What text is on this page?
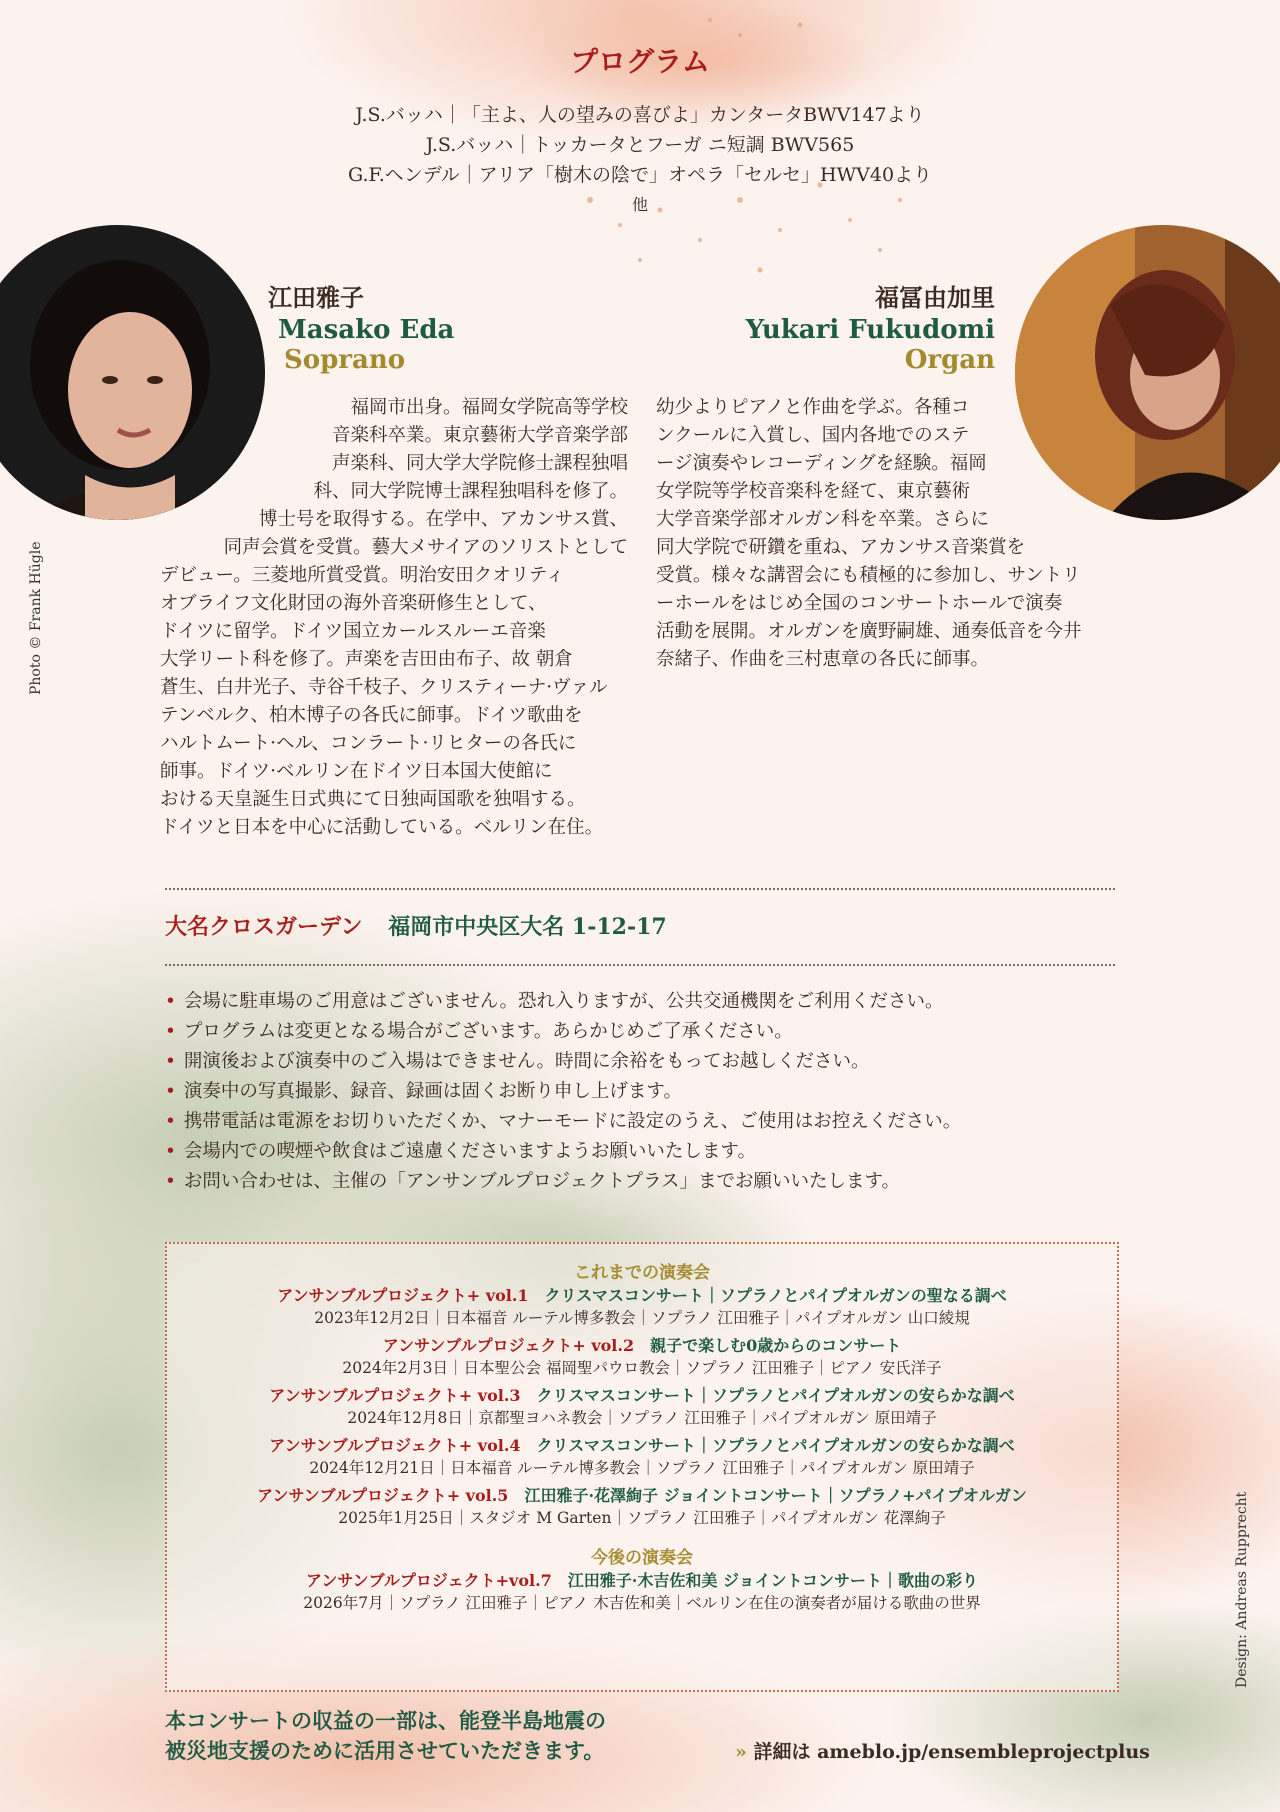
プログラム
J.S.バッハ｜「主よ、人の望みの喜びよ」カンタータBWV147より
J.S.バッハ｜トッカータとフーガ ニ短調 BWV565
G.F.ヘンデル｜アリア「樹木の陰で」オペラ「セルセ」HWV40より
他
江田雅子
Masako Eda
Soprano
福冨由加里
Yukari Fukudomi
Organ
福岡市出身。福岡女学院高等学校
音楽科卒業。東京藝術大学音楽学部
声楽科、同大学大学院修士課程独唱
科、同大学院博士課程独唱科を修了。
博士号を取得する。在学中、アカンサス賞、
同声会賞を受賞。藝大メサイアのソリストとして
デビュー。三菱地所賞受賞。明治安田クオリティ
オブライフ文化財団の海外音楽研修生として、
ドイツに留学。ドイツ国立カールスルーエ音楽
大学リート科を修了。声楽を吉田由布子、故 朝倉
蒼生、白井光子、寺谷千枝子、クリスティーナ·ヴァル
テンベルク、柏木博子の各氏に師事。ドイツ歌曲を
ハルトムート·ヘル、コンラート·リヒターの各氏に
師事。ドイツ·ベルリン在ドイツ日本国大使館に
おける天皇誕生日式典にて日独両国歌を独唱する。
ドイツと日本を中心に活動している。ベルリン在住。
幼少よりピアノと作曲を学ぶ。各種コ
ンクールに入賞し、国内各地でのステ
ージ演奏やレコーディングを経験。福岡
女学院等学校音楽科を経て、東京藝術
大学音楽学部オルガン科を卒業。さらに
同大学院で研鑽を重ね、アカンサス音楽賞を
受賞。様々な講習会にも積極的に参加し、サントリ
ーホールをはじめ全国のコンサートホールで演奏
活動を展開。オルガンを廣野嗣雄、通奏低音を今井
奈緒子、作曲を三村恵章の各氏に師事。
Photo © Frank Hügle
大名クロスガーデン 福岡市中央区大名 1-12-17
• 会場に駐車場のご用意はございません。恐れ入りますが、公共交通機関をご利用ください。
• プログラムは変更となる場合がございます。あらかじめご了承ください。
• 開演後および演奏中のご入場はできません。時間に余裕をもってお越しください。
• 演奏中の写真撮影、録音、録画は固くお断り申し上げます。
• 携帯電話は電源をお切りいただくか、マナーモードに設定のうえ、ご使用はお控えください。
• 会場内での喫煙や飲食はご遠慮くださいますようお願いいたします。
• お問い合わせは、主催の「アンサンブルプロジェクトプラス」までお願いいたします。
これまでの演奏会
アンサンブルプロジェクト+ vol.1　 クリスマスコンサート｜ソプラノとパイプオルガンの聖なる調べ
2023年12月2日｜日本福音 ルーテル博多教会｜ソプラノ 江田雅子｜パイプオルガン 山口綾規
アンサンブルプロジェクト+ vol.2　 親子で楽しむ0歳からのコンサート
2024年2月3日｜日本聖公会 福岡聖パウロ教会｜ソプラノ 江田雅子｜ピアノ 安氏洋子
アンサンブルプロジェクト+ vol.3　 クリスマスコンサート｜ソプラノとパイプオルガンの安らかな調べ
2024年12月8日｜京都聖ヨハネ教会｜ソプラノ 江田雅子｜パイプオルガン 原田靖子
アンサンブルプロジェクト+ vol.4　 クリスマスコンサート｜ソプラノとパイプオルガンの安らかな調べ
2024年12月21日｜日本福音 ルーテル博多教会｜ソプラノ 江田雅子｜パイプオルガン 原田靖子
アンサンブルプロジェクト+ vol.5　 江田雅子·花澤絢子 ジョイントコンサート｜ソプラノ+パイプオルガン
2025年1月25日｜スタジオ M Garten｜ソプラノ 江田雅子｜パイプオルガン 花澤絢子
今後の演奏会
アンサンブルプロジェクト+vol.7　 江田雅子·木吉佐和美 ジョイントコンサート｜歌曲の彩り
2026年7月｜ソプラノ 江田雅子｜ピアノ 木吉佐和美｜ベルリン在住の演奏者が届ける歌曲の世界	Design: Andreas Rupprecht
本コンサートの収益の一部は、能登半島地震の
被災地支援のために活用させていただきます。	» 詳細は ameblo.jp/ensembleprojectplus
